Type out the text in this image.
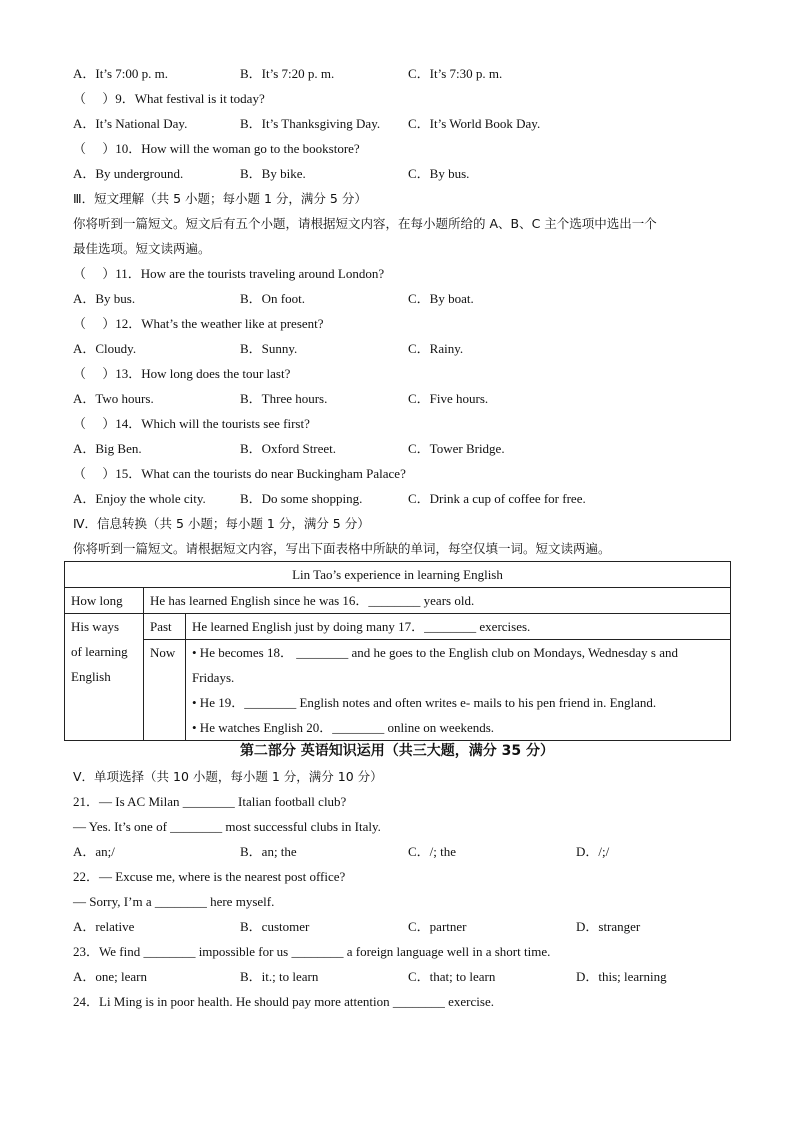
A．It’s 7:00 p. m.	B．It’s 7:20 p. m.	C．It’s 7:30 p. m.
（　 ）9．What festival is it today?
A．It’s National Day.	B．It’s Thanksgiving Day. C．It’s World Book Day.
（　 ）10．How will the woman go to the bookstore?
A．By underground.	B．By bike.	C．By bus.
Ⅲ．短文理解（共 5 小题；每小题 1 分，满分 5 分）
你将听到一篇短文。短文后有五个小题，请根据短文内容，在每小题所给的 A、B、C 主个选项中选出一个
最佳选项。短文读两遍。
（　 ）11．How are the tourists traveling around London?
A．By bus.	B．On foot.	C．By boat.
（　 ）12．What’s the weather like at present?
A．Cloudy.	B．Sunny.	C．Rainy.
（　 ）13．How long does the tour last?
A．Two hours.	B．Three hours.	C．Five hours.
（　 ）14．Which will the tourists see first?
A．Big Ben.	B．Oxford Street.	C．Tower Bridge.
（　 ）15．What can the tourists do near Buckingham Palace?
A．Enjoy the whole city.	B．Do some shopping.	C．Drink a cup of coffee for free.
Ⅳ．信息转换（共 5 小题；每小题 1 分，满分 5 分）
你将听到一篇短文。请根据短文内容，写出下面表格中所缺的单词，每空仅填一词。短文读两遍。
Lin Tao’s experience in learning English		
How long	He has learned English since he was 16．________ years old.	

His ways
of learning
English	Past	He learned English just by doing many 17．________ exercises.
	Now	• He becomes 18． ________ and he goes to the English club on Mondays, Wednesday s and
Fridays.
• He 19．________ English notes and often writes e- mails to his pen friend in. England.
• He watches English 20．________ online on weekends.
第二部分 英语知识运用（共三大题，满分 35 分）
Ⅴ．单项选择（共 10 小题，每小题 1 分，满分 10 分）
21．— Is AC Milan ________ Italian football club?
— Yes. It’s one of ________ most successful clubs in Italy.
A．an;/	B．an; the	C．/; the	D．/;/
22．— Excuse me, where is the nearest post office?
— Sorry, I’m a ________ here myself.
A．relative	B．customer	C．partner	D．stranger
23．We find ________ impossible for us ________ a foreign language well in a short time.
A．one; learn	B．it.; to learn	C．that; to learn	D．this; learning
24．Li Ming is in poor health. He should pay more attention ________ exercise.
